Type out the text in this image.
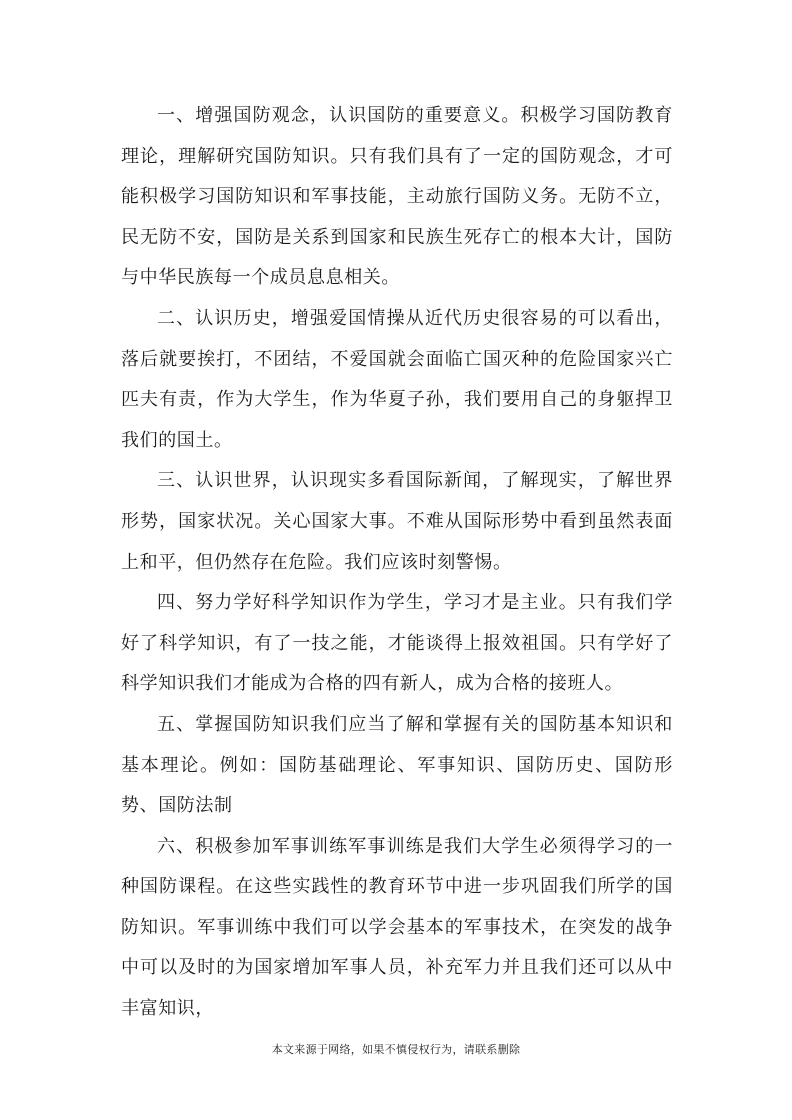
一、增强国防观念，认识国防的重要意义。积极学习国防教育理论，理解研究国防知识。只有我们具有了一定的国防观念，才可能积极学习国防知识和军事技能，主动旅行国防义务。无防不立，民无防不安，国防是关系到国家和民族生死存亡的根本大计，国防与中华民族每一个成员息息相关。

二、认识历史，增强爱国情操从近代历史很容易的可以看出，落后就要挨打，不团结，不爱国就会面临亡国灭种的危险国家兴亡匹夫有责，作为大学生，作为华夏子孙，我们要用自己的身躯捍卫我们的国土。

三、认识世界，认识现实多看国际新闻，了解现实，了解世界形势，国家状况。关心国家大事。不难从国际形势中看到虽然表面上和平，但仍然存在危险。我们应该时刻警惕。

四、努力学好科学知识作为学生，学习才是主业。只有我们学好了科学知识，有了一技之能，才能谈得上报效祖国。只有学好了科学知识我们才能成为合格的四有新人，成为合格的接班人。

五、掌握国防知识我们应当了解和掌握有关的国防基本知识和基本理论。例如：国防基础理论、军事知识、国防历史、国防形势、国防法制

六、积极参加军事训练军事训练是我们大学生必须得学习的一种国防课程。在这些实践性的教育环节中进一步巩固我们所学的国防知识。军事训练中我们可以学会基本的军事技术，在突发的战争中可以及时的为国家增加军事人员，补充军力并且我们还可以从中丰富知识，

本文来源于网络，如果不慎侵权行为，请联系删除
